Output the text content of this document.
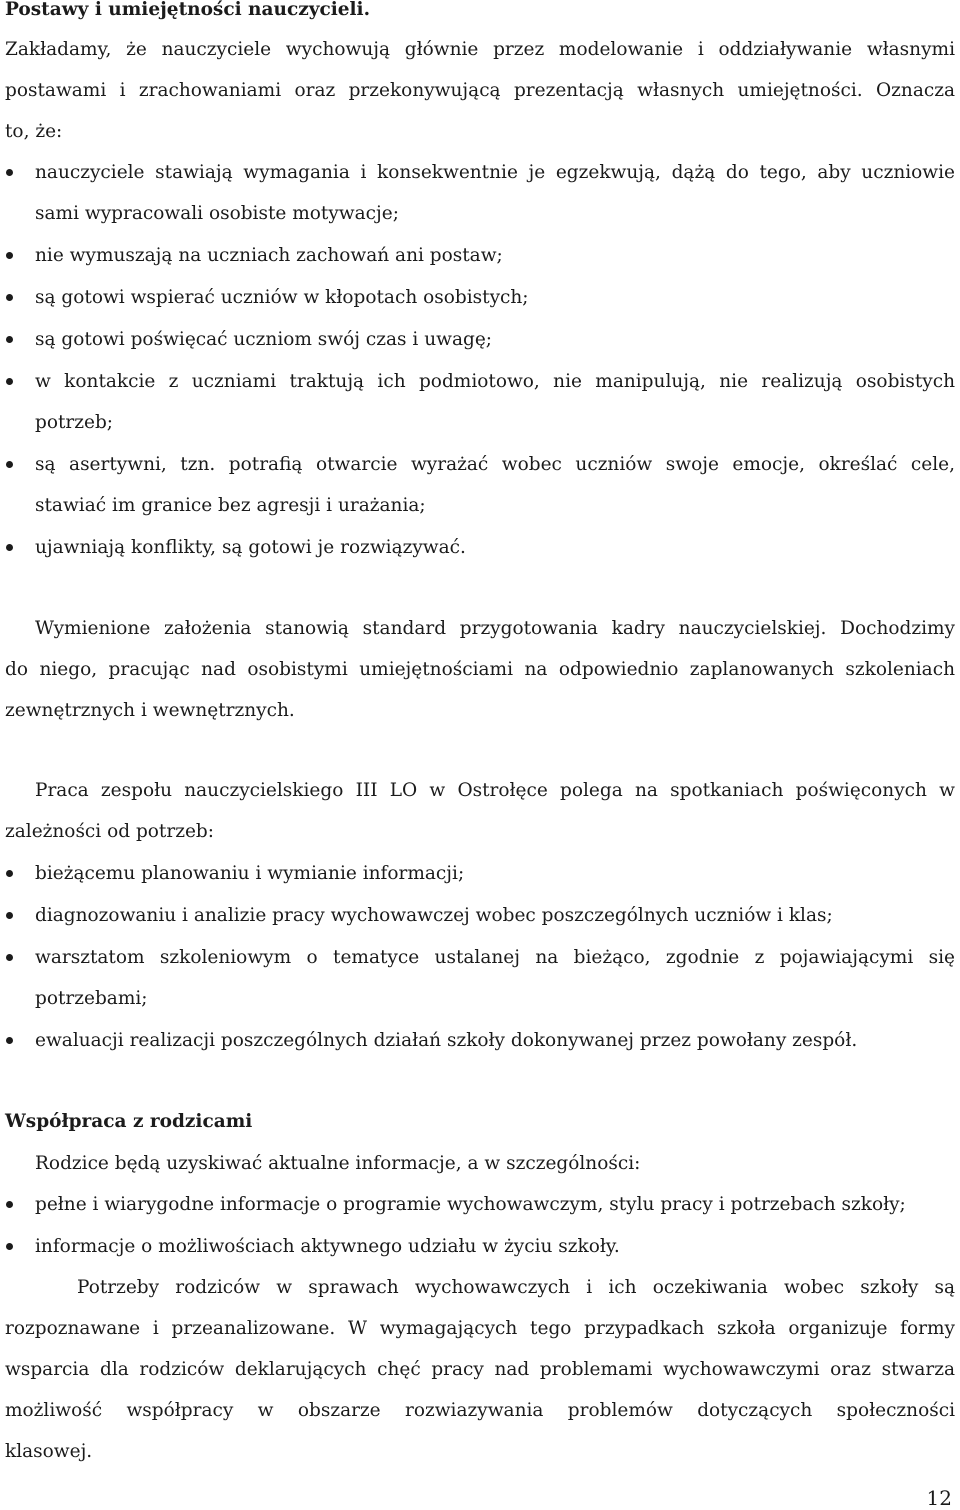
Postawy i umiejętności nauczycieli.
Zakładamy, że nauczyciele wychowują głównie przez modelowanie i oddziaływanie własnymi
postawami i zrachowaniami oraz przekonywującą prezentacją własnych umiejętności. Oznacza
to, że:
nauczyciele stawiają wymagania i konsekwentnie je egzekwują, dążą do tego, aby uczniowie
sami wypracowali osobiste motywacje;
nie wymuszają na uczniach zachowań ani postaw;
są gotowi wspierać uczniów w kłopotach osobistych;
są gotowi poświęcać uczniom swój czas i uwagę;
w kontakcie z uczniami traktują ich podmiotowo, nie manipulują, nie realizują osobistych
potrzeb;
są asertywni, tzn. potrafią otwarcie wyrażać wobec uczniów swoje emocje, określać cele,
stawiać im granice bez agresji i urażania;
ujawniają konflikty, są gotowi je rozwiązywać.
Wymienione założenia stanowią standard przygotowania kadry nauczycielskiej. Dochodzimy
do niego, pracując nad osobistymi umiejętnościami na odpowiednio zaplanowanych szkoleniach
zewnętrznych i wewnętrznych.
Praca zespołu nauczycielskiego III LO w Ostrołęce polega na spotkaniach poświęconych w
zależności od potrzeb:
bieżącemu planowaniu i wymianie informacji;
diagnozowaniu i analizie pracy wychowawczej wobec poszczególnych uczniów i klas;
warsztatom szkoleniowym o tematyce ustalanej na bieżąco, zgodnie z pojawiającymi się
potrzebami;
ewaluacji realizacji poszczególnych działań szkoły dokonywanej przez powołany zespół.
Współpraca z rodzicami
Rodzice będą uzyskiwać aktualne informacje, a w szczególności:
pełne i wiarygodne informacje o programie wychowawczym, stylu pracy i potrzebach szkoły;
informacje o możliwościach aktywnego udziału w życiu szkoły.
Potrzeby rodziców w sprawach wychowawczych i ich oczekiwania wobec szkoły są
rozpoznawane i przeanalizowane. W wymagających tego przypadkach szkoła organizuje formy
wsparcia dla rodziców deklarujących chęć pracy nad problemami wychowawczymi oraz stwarza
możliwość współpracy w obszarze rozwiazywania problemów dotyczących społeczności
klasowej.
12
